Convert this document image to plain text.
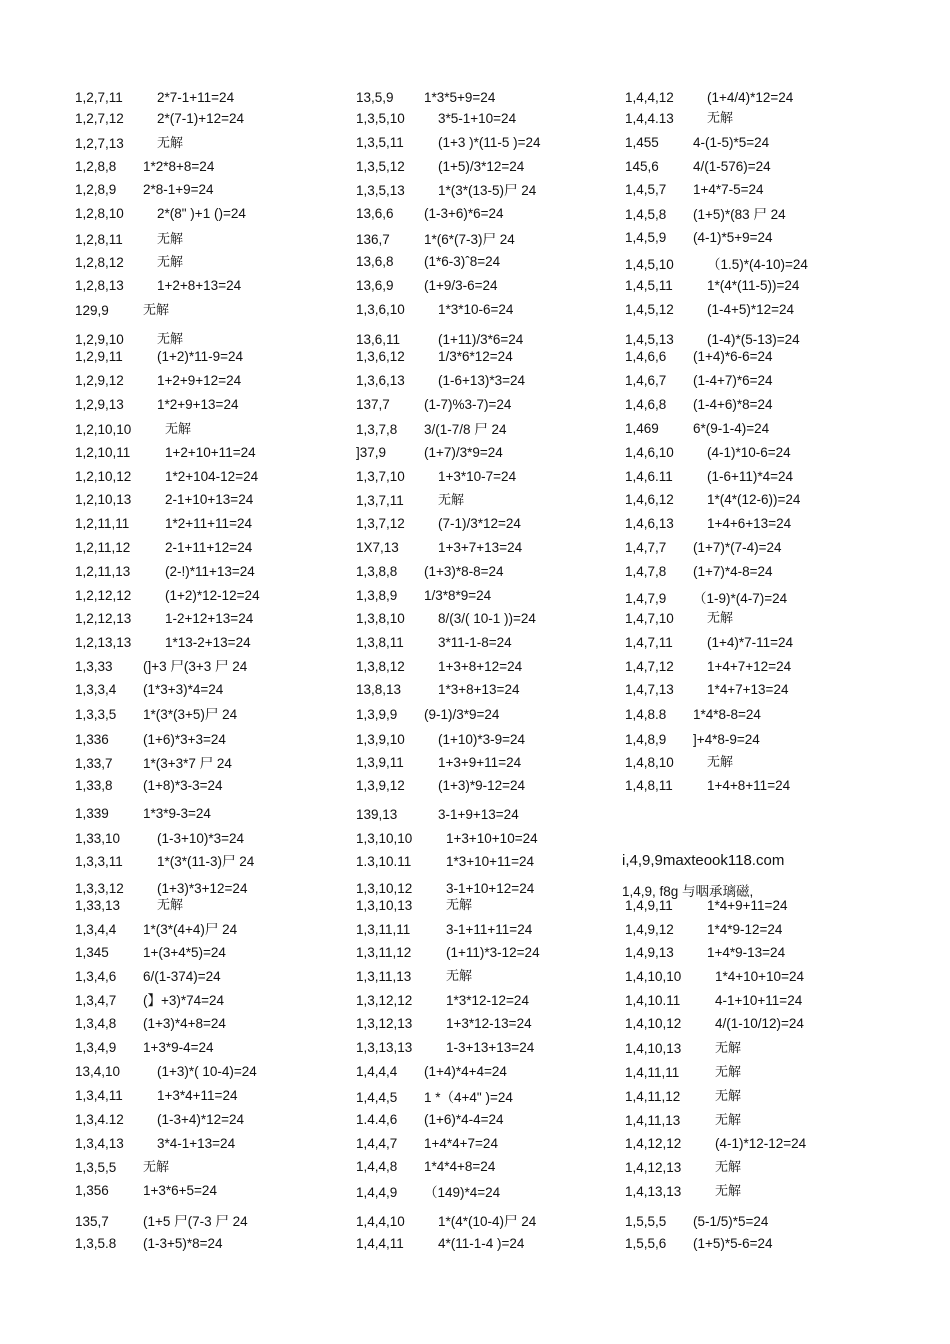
1,2,7,11	2*7-1+11=24
1,2,7,12 2*(7-1)+12=24
1,2,7,13	无解
1,2,8,8 1*2*8+8=24
1,2,8,9 2*8-1+9=24
1,2,8,10 2*(8" )+1 ()=24
1,2,8,11	无解
1,2,8,12	无解
1,2,8,13 1+2+8+13=24
129,9	无解
1,2,9,10	无解
1,2,9,11	(1+2)*11-9=24
1,2,9,12 1+2+9+12=24
1,2,9,13 1*2+9+13=24
1,2,10,10	无解
1,2,10,11	1+2+10+11=24
1,2,10,12 1*2+104-12=24
1,2,10,13 2-1+10+13=24
1,2,11,11	1*2+11+11=24
1,2,11,12	2-1+11+12=24
1,2,11,13	(2-!)*11+13=24
1,2,12,12 (1+2)*12-12=24
1,2,12,13 1-2+12+13=24
1,2,13,13 1*13-2+13=24
1,3,33 (]+3 尸(3+3 尸 24
1,3,3,4 (1*3+3)*4=24
1,3,3,5 1*(3*(3+5)尸 24
1,336	(1+6)*3+3=24
1,33,7 1*(3+3*7 尸 24
1,33,8 (1+8)*3-3=24
1,339	1*3*9-3=24
1,33,10	(1-3+10)*3=24
1,3,3,11	1*(3*(11-3)尸 24
1,3,3,12 (1+3)*3+12=24
1,33,13	无解
1,3,4,4 1*(3*(4+4)尸 24
1,345	1+(3+4*5)=24
1,3,4,6 6/(1-374)=24
1,3,4,7 (】+3)*74=24
1,3,4,8 (1+3)*4+8=24
1,3,4,9 1+3*9-4=24
13,4,10	(1+3)*( 10-4)=24
1,3,4,11	1+3*4+11=24
1,3,4.12 (1-3+4)*12=24
1,3,4,13 3*4-1+13=24
1,3,5,5 无解
1,356	1+3*6+5=24
135,7	(1+5 尸(7-3 尸 24
1,3,5.8 (1-3+5)*8=24
13,5,9 1*3*5+9=24
1,3,5,10 3*5-1+10=24
1,3,5,11	(1+3 )*(11-5 )=24
1,3,5,12 (1+5)/3*12=24
1,3,5,13 1*(3*(13-5)尸 24
13,6,6 (1-3+6)*6=24
136,7	1*(6*(7-3)尸 24
13,6,8 (1*6-3)ˆ8=24
13,6,9 (1+9/3-6=24
1,3,6,10 1*3*10-6=24
13,6,11	(1+11)/3*6=24
1,3,6,12 1/3*6*12=24
1,3,6,13 (1-6+13)*3=24
137,7	(1-7)%3-7)=24
1,3,7,8 3/(1-7/8 尸 24
]37,9	(1+7)/3*9=24
1,3,7,10 1+3*10-7=24
1,3,7,11	无解
1,3,7,12 (7-1)/3*12=24
1X7,13	1+3+7+13=24
1,3,8,8 (1+3)*8-8=24
1,3,8,9 1/3*8*9=24
1,3,8,10 8/(3/( 10-1 ))=24
1,3,8,11	3*11-1-8=24
1,3,8,12 1+3+8+12=24
13,8,13	1*3+8+13=24
1,3,9,9 (9-1)/3*9=24
1,3,9,10 (1+10)*3-9=24
1,3,9,11	1+3+9+11=24
1,3,9,12 (1+3)*9-12=24
139,13	3-1+9+13=24
1,3,10,10 1+3+10+10=24
1.3,10.11	1*3+10+11=24
1,3,10,12 3-1+10+12=24
1,3,10,13	无解
1,3,11,11	3-1+11+11=24
1,3,11,12	(1+11)*3-12=24
1,3,11,13	无解
1,3,12,12 1*3*12-12=24
1,3,12,13 1+3*12-13=24
1,3,13,13 1-3+13+13=24
1,4,4,4 (1+4)*4+4=24
1,4,4,5 1 *（4+4" )=24
1.4.4,6 (1+6)*4-4=24
1,4,4,7 1+4*4+7=24
1,4,4,8 1*4*4+8=24
1,4,4,9 （149)*4=24
1,4,4,10 1*(4*(10-4)尸 24
1,4,4,11	4*(11-1-4 )=24
1,4,4,12 (1+4/4)*12=24
1,4,4.13	无解
1,455	4-(1-5)*5=24
145,6	4/(1-576)=24
1,4,5,7 1+4*7-5=24
1,4,5,8 (1+5)*(83 尸 24
1,4,5,9 (4-1)*5+9=24
1,4,5,10 （1.5)*(4-10)=24
1,4,5,11	1*(4*(11-5))=24
1,4,5,12 (1-4+5)*12=24
1,4,5,13 (1-4)*(5-13)=24
1,4,6,6 (1+4)*6-6=24
1,4,6,7 (1-4+7)*6=24
1,4,6,8 (1-4+6)*8=24
1,469	6*(9-1-4)=24
1,4,6,10 (4-1)*10-6=24
1,4,6.11	(1-6+11)*4=24
1,4,6,12 1*(4*(12-6))=24
1,4,6,13 1+4+6+13=24
1,4,7,7 (1+7)*(7-4)=24
1,4,7,8 (1+7)*4-8=24
1,4,7,9 （1-9)*(4-7)=24
1,4,7,10	无解
1,4,7,11	(1+4)*7-11=24
1,4,7,12 1+4+7+12=24
1,4,7,13 1*4+7+13=24
1,4,8.8 1*4*8-8=24
1,4,8,9 ]+4*8-9=24
1,4,8,10	无解
1,4,8,11	1+4+8+11=24
1,4,9,11	1*4+9+11=24
1,4,9,12 1*4*9-12=24
1,4,9,13 1+4*9-13=24
1,4,10,10 1*4+10+10=24
1,4,10.11	4-1+10+11=24
1,4,10,12 4/(1-10/12)=24
1,4,10,13	无解
1,4,11,11	无解
1,4,11,12	无解
1,4,11,13	无解
1,4,12,12 (4-1)*12-12=24
1,4,12,13	无解
1,4,13,13	无解
1,5,5,5 (5-1/5)*5=24
1,5,5,6 (1+5)*5-6=24
i,4,9,9maxteook118.com
1,4,9, f8g 与咽承璃磁,
